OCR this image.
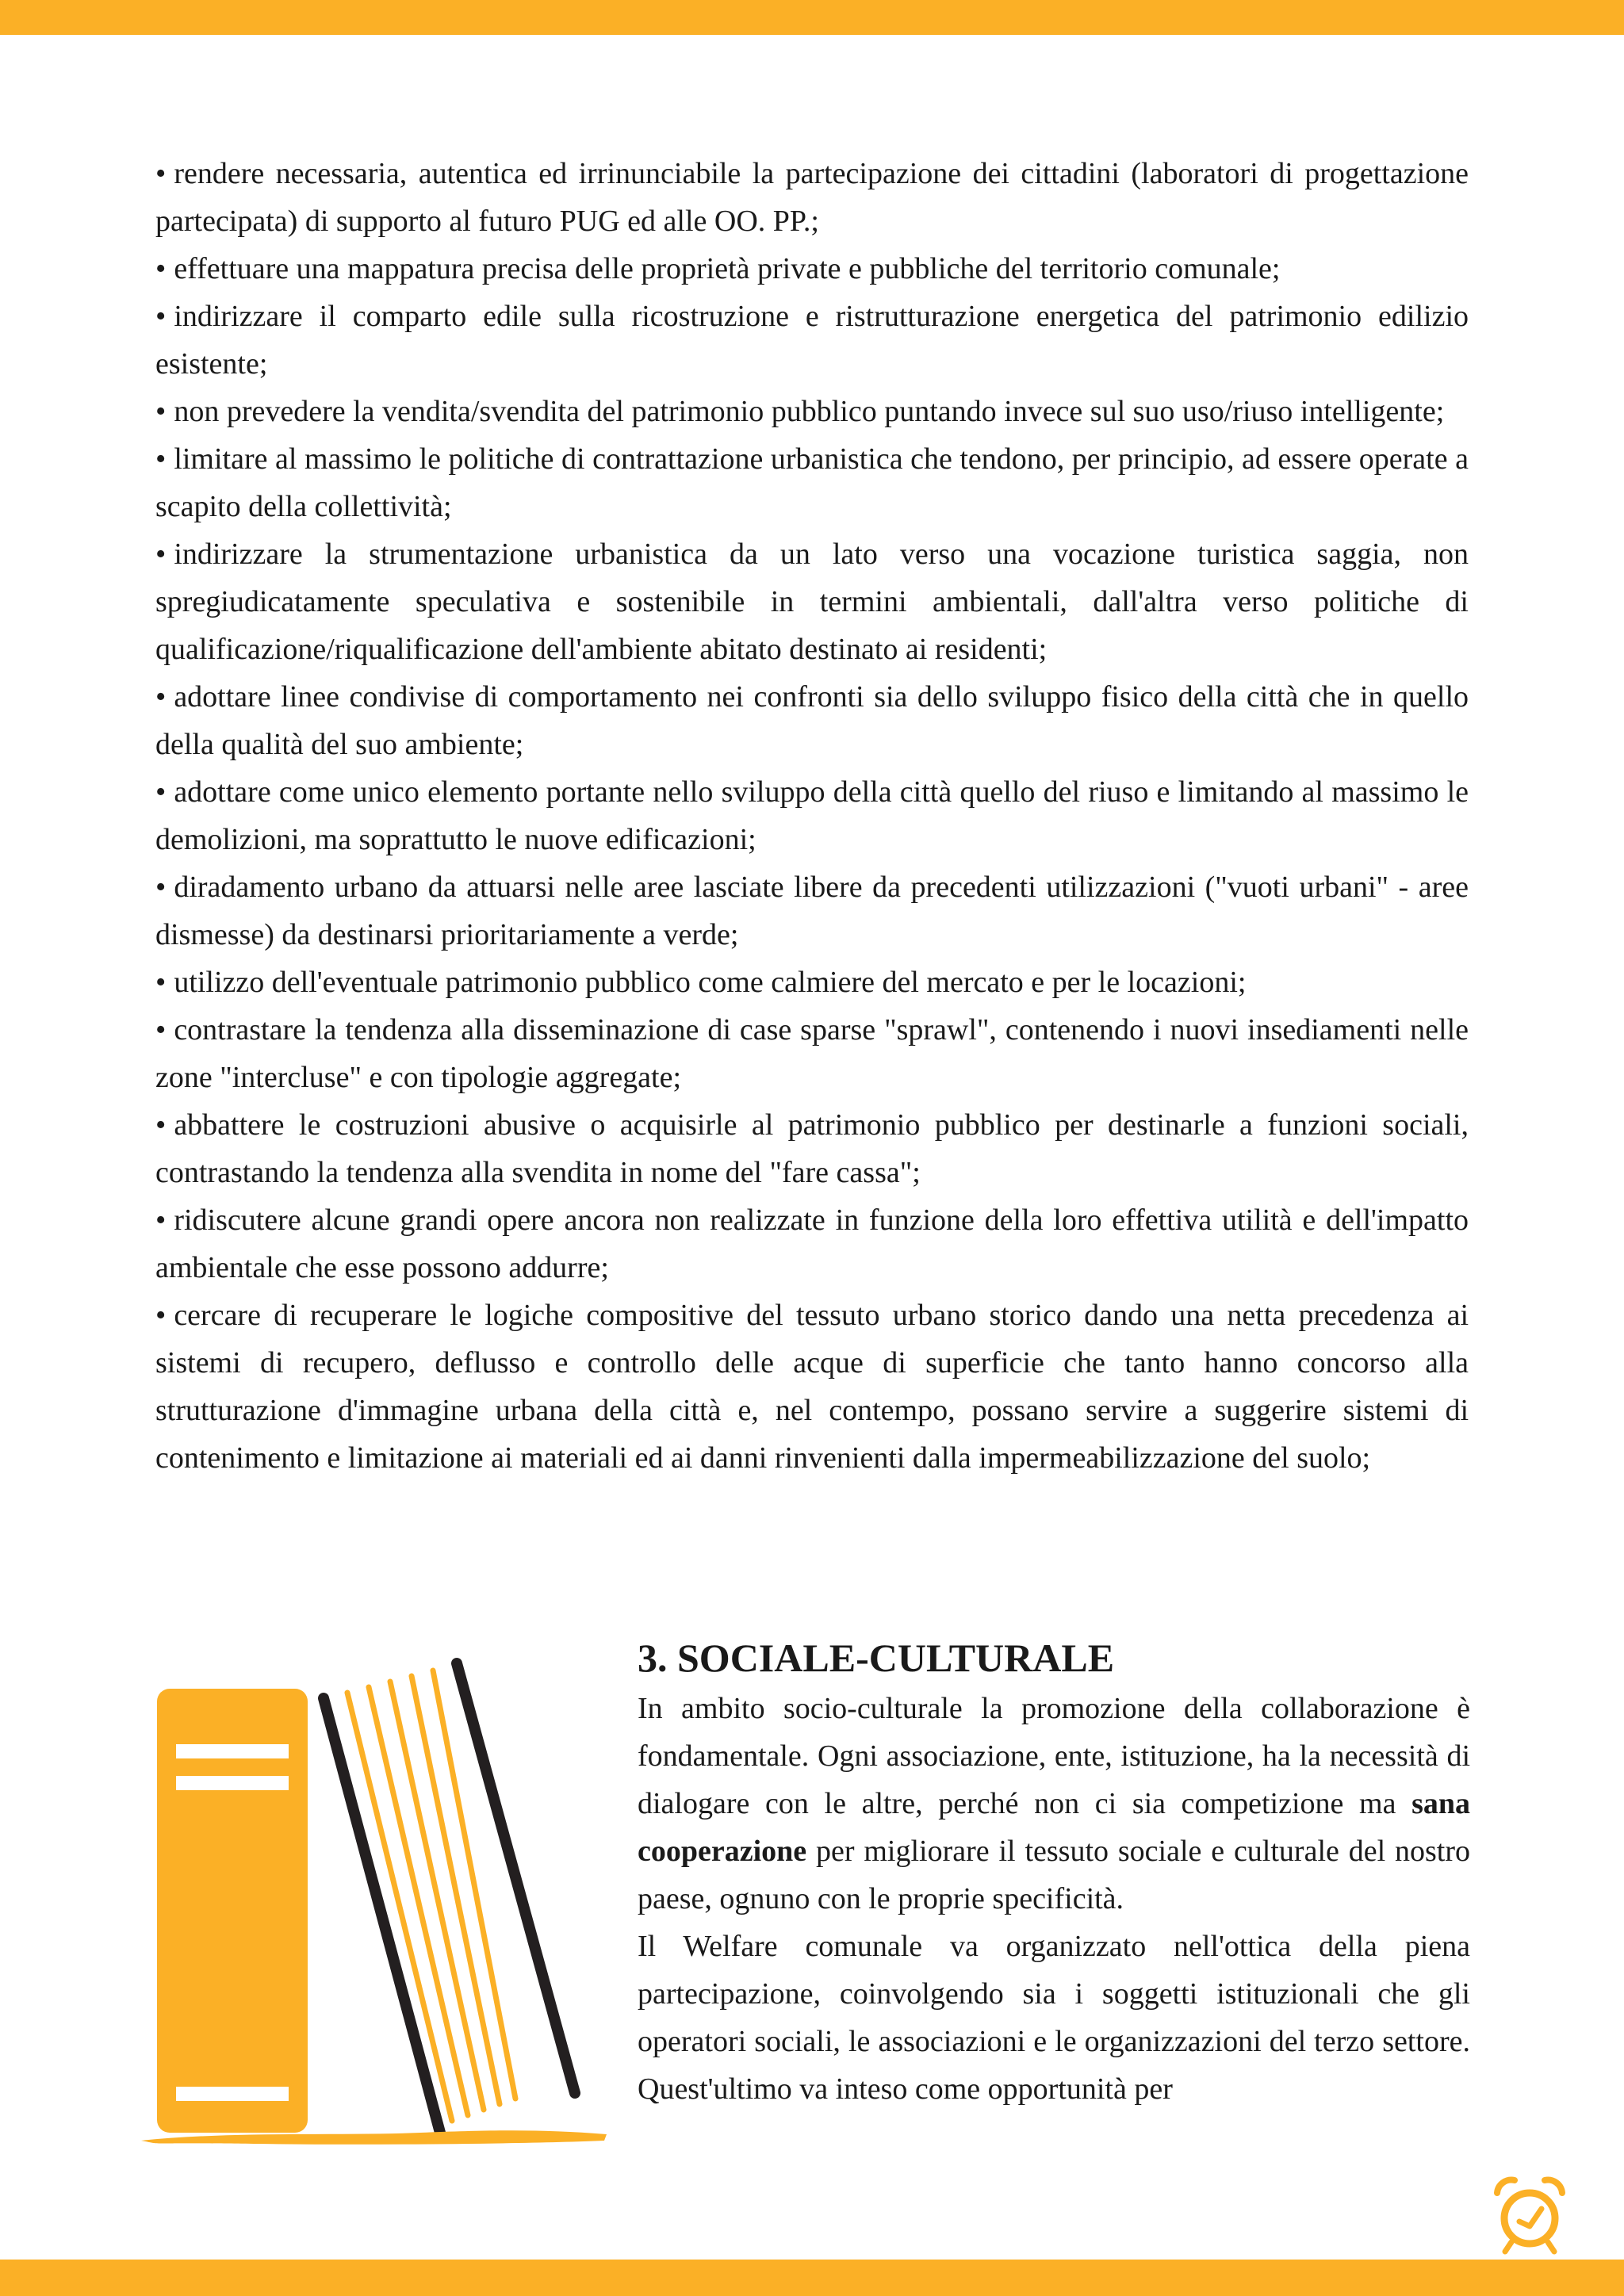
• rendere necessaria, autentica ed irrinunciabile la partecipazione dei cittadini (laboratori di progettazione partecipata) di supporto al futuro PUG ed alle OO. PP.;

• effettuare una mappatura precisa delle proprietà private e pubbliche del territorio comunale;

• indirizzare il comparto edile sulla ricostruzione e ristrutturazione energetica del patrimonio edilizio esistente;

• non prevedere la vendita/svendita del patrimonio pubblico puntando invece sul suo uso/riuso intelligente;

• limitare al massimo le politiche di contrattazione urbanistica che tendono, per principio, ad essere operate a scapito della collettività;

• indirizzare la strumentazione urbanistica da un lato verso una vocazione turistica saggia, non spregiudicatamente speculativa e sostenibile in termini ambientali, dall'altra verso politiche di qualificazione/riqualificazione dell'ambiente abitato destinato ai residenti;

• adottare linee condivise di comportamento nei confronti sia dello sviluppo fisico della città che in quello della qualità del suo ambiente;

• adottare come unico elemento portante nello sviluppo della città quello del riuso e limitando al massimo le demolizioni, ma soprattutto le nuove edificazioni;

• diradamento urbano da attuarsi nelle aree lasciate libere da precedenti utilizzazioni ("vuoti urbani" - aree dismesse) da destinarsi prioritariamente a verde;

• utilizzo dell'eventuale patrimonio pubblico come calmiere del mercato e per le locazioni;

• contrastare la tendenza alla disseminazione di case sparse "sprawl", contenendo i nuovi insediamenti nelle zone "intercluse" e con tipologie aggregate;

• abbattere le costruzioni abusive o acquisirle al patrimonio pubblico per destinarle a funzioni sociali, contrastando la tendenza alla svendita in nome del "fare cassa";

• ridiscutere alcune grandi opere ancora non realizzate in funzione della loro effettiva utilità e dell'impatto ambientale che esse possono addurre;

• cercare di recuperare le logiche compositive del tessuto urbano storico dando una netta precedenza ai sistemi di recupero, deflusso e controllo delle acque di superficie che tanto hanno concorso alla strutturazione d'immagine urbana della città e, nel contempo, possano servire a suggerire sistemi di contenimento e limitazione ai materiali ed ai danni rinvenienti dalla impermeabilizzazione del suolo;

3. SOCIALE-CULTURALE

In ambito socio-culturale la promozione della collaborazione è fondamentale. Ogni associazione, ente, istituzione, ha la necessità di dialogare con le altre, perché non ci sia competizione ma sana cooperazione per migliorare il tessuto sociale e culturale del nostro paese, ognuno con le proprie specificità.

Il Welfare comunale va organizzato nell'ottica della piena partecipazione, coinvolgendo sia i soggetti istituzionali che gli operatori sociali, le associazioni e le organizzazioni del terzo settore. Quest'ultimo va inteso come opportunità per
